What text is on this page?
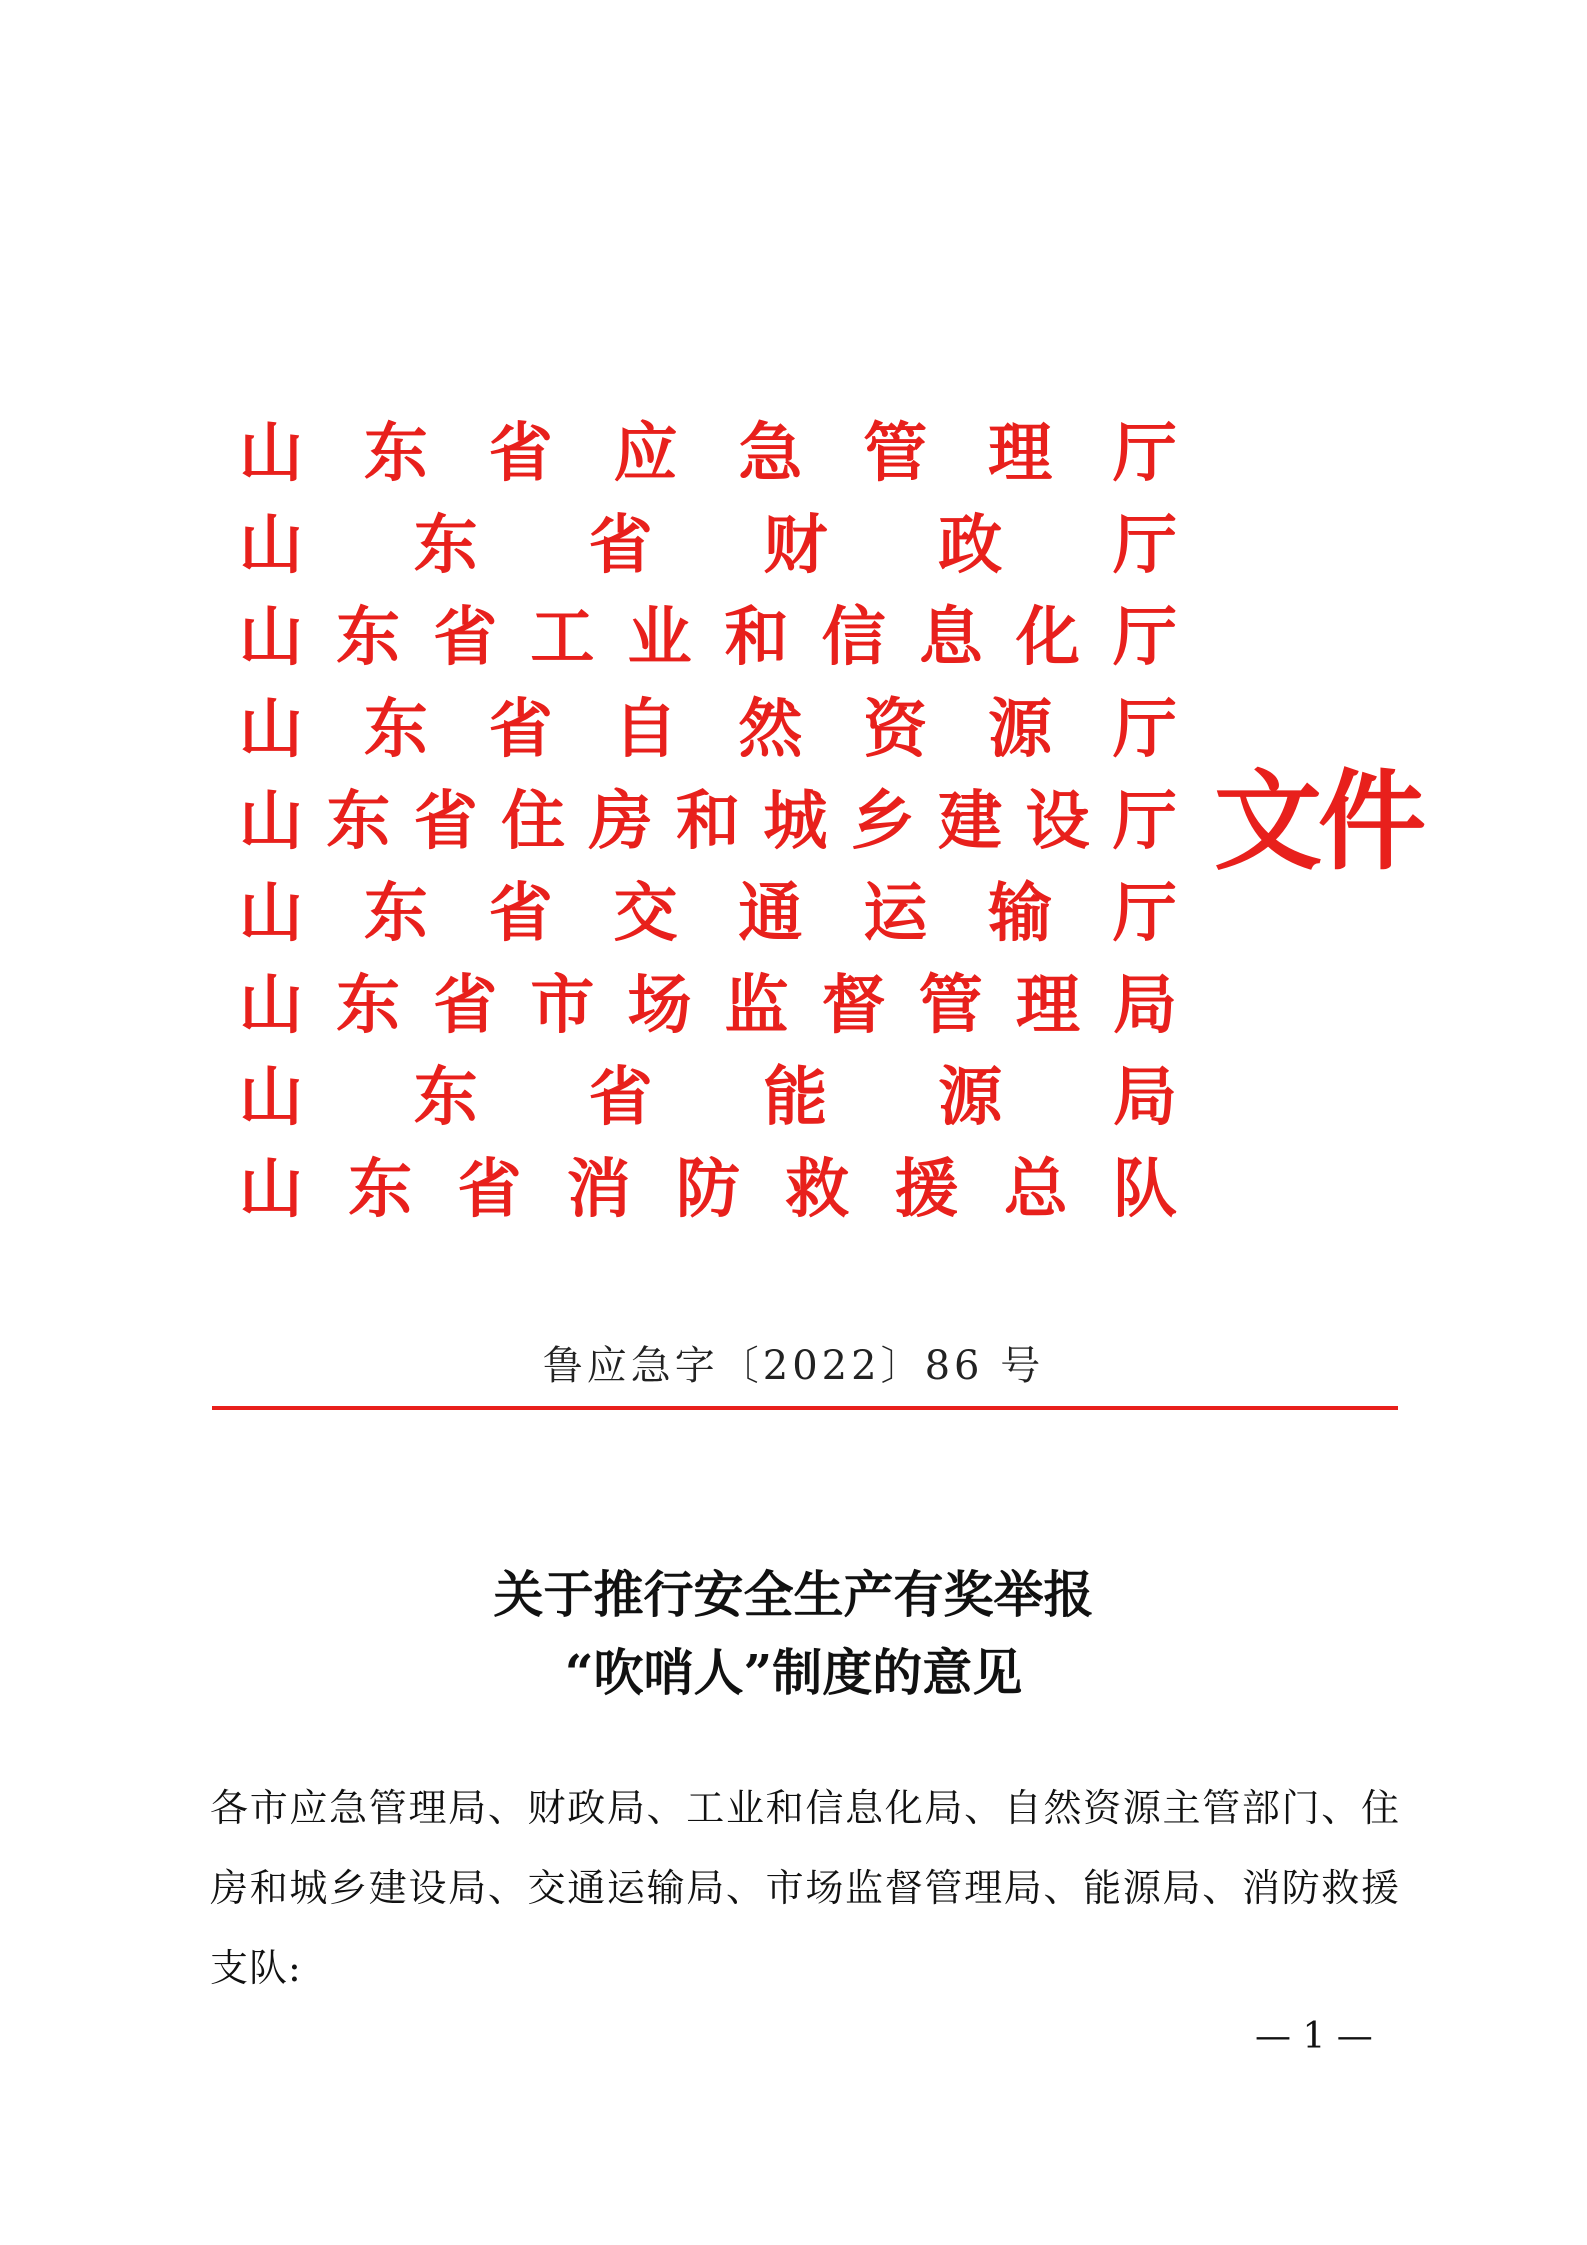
山 东 省 应 急 管 理 厅
山 东 省 财 政 厅
山 东 省 工 业 和 信 息 化 厅
山 东 省 自 然 资 源 厅
山 东 省 住 房 和 城 乡 建 设 厅
山 东 省 交 通 运 输 厅
山 东 省 市 场 监 督 管 理 局
山 东 省 能 源 局
山 东 省 消 防 救 援 总 队
文件
鲁应急字〔2022〕86 号
关于推行安全生产有奖举报
“吹哨人”制度的意见
各市应急管理局、财政局、工业和信息化局、自然资源主管部门、住房和城乡建设局、交通运输局、市场监督管理局、能源局、消防救援支队:
— 1 —
